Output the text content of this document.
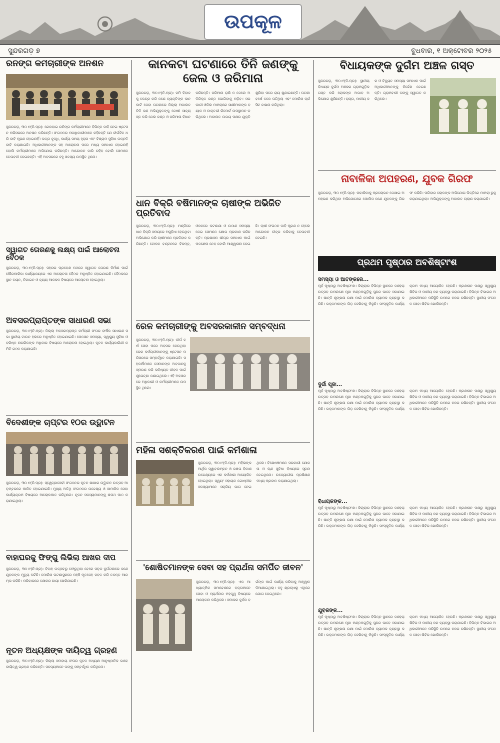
ଉପକୂଳ
ସୁନ୍ଦରଗଡ଼ ୭	ବୁଧବାର, ୧ ଅକ୍ଟୋବର ୨୦୨୫
ରନିଙ୍ଗ କର୍ମଚାରୀଙ୍କ ଅନଶନ
ସୁନ୍ଦରଗଡ଼, ୩୦।୯(ନି.ପ୍ର): ରେଳବାଇ ରନିଙ୍ଗ କର୍ମଚାରୀମାନେ ବିଭିନ୍ନ ଦାବି ନେଇ ଷ୍ଟେସନ ପରିସରରେ ଅନଶନ କରିଛନ୍ତି। ସଂଗଠନର ପଦାଧିକାରୀମାନେ କହିଛନ୍ତି ଯେ ଦୀର୍ଘଦିନ ଧରି ଦାବି ପୂରଣ ହୋଇନାହିଁ। ଭତ୍ତା ବୃଦ୍ଧି, କାର୍ଯ୍ୟ ସମୟ ହ୍ରାସ ଏବଂ ବିଶ୍ରାମ ସୁବିଧା ଉନ୍ନତି ଦାବି କରାଯାଇଛି। ଅଧିକାରୀମାନଙ୍କ ସହ ଆଲୋଚନା ପରେ ମଧ୍ୟ ସମାଧାନ ହୋଇନାହିଁ ବୋଲି କର୍ମଚାରୀମାନେ ଅଭିଯୋଗ କରିଛନ୍ତି। ଆନ୍ଦୋଳନ ଜାରି ରହିବ ବୋଲି ସେମାନେ ଚେତାବନୀ ଦେଇଛନ୍ତି। ଏହି ଅବସରରେ ବହୁ ସଦସ୍ୟ ଉପସ୍ଥିତ ଥିଲେ।
ସ୍ୱାଗତ ତୋରଣକୁ ଲକ୍ଷ୍ୟ ପାଇଁ ଆଲୋଚନା ବୈଠକ
ସୁନ୍ଦରଗଡ଼, ୩୦।୯(ନି.ପ୍ର): ସହରର ପ୍ରବେଶ ପଥରେ ସ୍ୱାଗତ ତୋରଣ ନିର୍ମାଣ ପାଇଁ ପୌରପାଳିକା କାର୍ଯ୍ୟାଳୟରେ ଏକ ଆଲୋଚନା ବୈଠକ ଅନୁଷ୍ଠିତ ହୋଇଯାଇଛି। ବୈଠକରେ ସ୍ଥାନ ଚୟନ, ଡିଜାଇନ ଓ ବ୍ୟୟ ଆକଳନ ବିଷୟରେ ଆଲୋଚନା ହୋଇଥିଲା।
ଅବସରପ୍ରାପ୍ତଙ୍କ ସାଧାରଣ ସଭା
ସୁନ୍ଦରଗଡ଼, ୩୦।୯(ନି.ପ୍ର): ଜିଲ୍ଲା ଅବସରପ୍ରାପ୍ତ କର୍ମଚାରୀ ସଂଘର ବାର୍ଷିକ ସାଧାରଣ ସଭା ସ୍ଥାନୀୟ ଟାଉନ ହଲରେ ଅନୁଷ୍ଠିତ ହୋଇଯାଇଛି। ପେନସନ ସମସ୍ୟା, ସ୍ୱାସ୍ଥ୍ୟ ସୁବିଧା ଓ ବରିଷ୍ଠ ନାଗରିକଙ୍କ ଅଧିକାର ବିଷୟରେ ଆଲୋଚନା ହୋଇଥିଲା। ନୂତନ କାର୍ଯ୍ୟକାରିଣୀ କମିଟି ଗଠନ କରାଯାଇଛି।
ବିଦେଶୀଙ୍କ ଚାପ୍ଟର ୧୦ର ଉଦ୍ଘାଟନ
ସୁନ୍ଦରଗଡ଼, ୩୦।୯(ନି.ପ୍ର): ସ୍ୱେଚ୍ଛାସେବୀ ସଂଗଠନର ନୂତନ ଶାଖାର ଉଦ୍ଘାଟନ ଉତ୍ସବ ଆଡ଼ମ୍ବରରେ ପାଳିତ ହୋଇଯାଇଛି। ମୁଖ୍ୟ ଅତିଥି ସଂଗଠନର ଉଦ୍ଦେଶ୍ୟ ଓ ସାମାଜିକ ସେବା କାର୍ଯ୍ୟକ୍ରମ ବିଷୟରେ ଆଲୋକପାତ କରିଥିଲେ। ନୂତନ ସଦସ୍ୟମାନଙ୍କୁ ଶପଥ ପାଠ କରାଯାଇଥିଲା।
ବାହାଘରକୁ ଫିଙ୍ଗୁ ଲିଭିଲା ଆଖର ଦୀପ
ସୁନ୍ଦରଗଡ଼, ୩୦।୯(ନି.ପ୍ର): ବିବାହ ଉତ୍ସବରୁ ଫେରୁଥିବା ବେଳେ ସଡ଼କ ଦୁର୍ଘଟଣାରେ ଜଣେ ଯୁବକଙ୍କ ମୃତ୍ୟୁ ଘଟିଛି। ପୋଲିସ ଘଟଣାସ୍ଥଳରେ ପହଞ୍ଚି ମୃତଦେହ ଜବତ କରି ତଦନ୍ତ ଆରମ୍ଭ କରିଛି। ପରିବାରରେ ଶୋକର ଛାୟା ଖେଳିଯାଇଛି।
ନୂତନ ଅଧ୍ୟକ୍ଷଙ୍କ ଦାୟିତ୍ୱ ଗ୍ରହଣ
ସୁନ୍ଦରଗଡ଼, ୩୦।୯(ନି.ପ୍ର): ଜିଲ୍ଲା ସମବାୟ ସଂଘର ନୂତନ ଅଧ୍ୟକ୍ଷ ଆନୁଷ୍ଠାନିକ ଭାବେ ଦାୟିତ୍ୱ ଗ୍ରହଣ କରିଛନ୍ତି। ସଦସ୍ୟମାନେ ତାଙ୍କୁ ସମ୍ବର୍ଦ୍ଧିତ କରିଥିଲେ।
କାନକଟା ଘଟଣାରେ ତିନି ଜଣଙ୍କୁ ଜେଲ ଓ ଜରିମାନା
ସୁନ୍ଦରଗଡ଼, ୩୦।୯(ନି.ପ୍ର): ଜମି ବିବାଦକୁ କେନ୍ଦ୍ର କରି ଜଣେ ବ୍ୟକ୍ତିଙ୍କ କାନ କାଟି ଦେବା ଘଟଣାରେ ଜିଲ୍ଲା ଅଦାଲତ ତିନି ଜଣ ଅଭିଯୁକ୍ତଙ୍କୁ ଦୋଷୀ ସାବ୍ୟସ୍ତ କରି ଜେଲ ଦଣ୍ଡ ଓ ଜରିମାନା ବିଧାନ କରିଛନ୍ତି। ଜରିମାନା ରାଶି ନ ଦେଲେ ଅତିରିକ୍ତ ଦଣ୍ଡ ଭୋଗିବାକୁ ପଡ଼ିବ। ସରକାରୀ ଓକିଲ ମାମଲାରେ ସାକ୍ଷୀମାନଙ୍କ ବୟାନ ଓ ଡାକ୍ତରୀ ରିପୋର୍ଟ ଉପସ୍ଥାପନ କରିଥିଲେ। ଅଦାଲତ ଉଭୟ ପକ୍ଷର ଯୁକ୍ତି ଶୁଣିବା ପରେ ରାୟ ଶୁଣାଇଛନ୍ତି। ଘଟଣା ବର୍ଷେ ତଳେ ଘଟିଥିଲା ଏବଂ ପୋଲିସ ଚାର୍ଜସିଟ ଦାଖଲ କରିଥିଲା।
ଧାନ ବିକ୍ରି ବର୍ଷିମାନଙ୍କ ଚାଷୀଙ୍କ ଅଭିଜିତ ପ୍ରତିବାଦ
ସୁନ୍ଦରଗଡ଼, ୩୦।୯(ନି.ପ୍ର): ମଣ୍ଡିରେ ଧାନ ବିକ୍ରି ସମୟରେ ଅସୁବିଧା ହେଉଥିବା ଅଭିଯୋଗ କରି ଚାଷୀମାନେ ପ୍ରତିବାଦ କରିଛନ୍ତି। ଟୋକନ ବଣ୍ଟନରେ ବିଳମ୍ବ, ଓଜନରେ କଟାଛଣା ଓ ଉଠାଣ ସମସ୍ୟା ନେଇ ସେମାନେ କ୍ଷୋଭ ପ୍ରକାଶ କରିଛନ୍ତି। ପ୍ରଶାସନ ଶୀଘ୍ର ସମାଧାନ ପାଇଁ ପଦକ୍ଷେପ ନେବ ବୋଲି ଆଶ୍ୱାସନା ଦେଇଛି। ଚାଷୀ ସଂଗଠନ ଦାବି ପୂରଣ ନ ହେଲେ ଆନ୍ଦୋଳନ ତୀବ୍ର କରିବାକୁ ଚେତାବନୀ ଦେଇଛି।
ରେଳ କର୍ମଚାରୀଙ୍କୁ ଅବସରକାଳୀନ ସମ୍ବର୍ଦ୍ଧନା
ସୁନ୍ଦରଗଡ଼, ୩୦।୯(ନି.ପ୍ର): ଦୀର୍ଘ ବର୍ଷ ସେବା ପରେ ଅବସର ନେଉଥିବା ରେଳ କର୍ମଚାରୀମାନଙ୍କୁ ଷ୍ଟେସନ ପରିସରରେ ସମ୍ବର୍ଦ୍ଧିତ କରାଯାଇଛି। ସହକର୍ମୀମାନେ ସେମାନଙ୍କ ଅବଦାନକୁ ସ୍ମରଣ କରି ଭବିଷ୍ୟତ ଜୀବନ ପାଇଁ ଶୁଭେଚ୍ଛା ଜଣାଇଥିଲେ। ଏହି ଅବସରରେ ଅଧିକାରୀ ଓ କର୍ମଚାରୀମାନେ ଉପସ୍ଥିତ ଥିଲେ।
ମହିଳା ସଶକ୍ତିକରଣ ପାଇଁ କର୍ମଶାଳା
ସୁନ୍ଦରଗଡ଼, ୩୦।୯(ନି.ପ୍ର): ମହିଳାଙ୍କ ଆର୍ଥିକ ସ୍ୱାବଲମ୍ବନ ଓ ଦକ୍ଷତା ବିକାଶ ଉଦ୍ଦେଶ୍ୟରେ ଏକ କର୍ମଶାଳା ଆୟୋଜିତ ହୋଇଥିଲା। ସ୍ୱୟଂ ସହାୟକ ଗୋଷ୍ଠୀର ସଦସ୍ୟାମାନେ ସକ୍ରିୟ ଭାଗ ନେଇଥିଲେ। ବିଶେଷଜ୍ଞମାନେ ସରକାରୀ ଯୋଜନା ଓ ଋଣ ସୁବିଧା ବିଷୟରେ ସୂଚନା ଦେଇଥିଲେ। ଉଦ୍ୟୋଗୀତା ପ୍ରଶିକ୍ଷଣ ମଧ୍ୟ ପ୍ରଦାନ କରାଯାଇଥିଲା।
'ଶୋଷିତମାନଙ୍କ ସେବା ସହ ପ୍ରାର୍ଥନା ସମର୍ପିତ ଜୀବନ'
ସୁନ୍ଦରଗଡ଼, ୩୦।୯(ନି.ପ୍ର): ଏକ ଆଧ୍ୟାତ୍ମିକ ସମାବେଶରେ ବକ୍ତାମାନେ ସେବା ଓ ପ୍ରାର୍ଥନାର ମହତ୍ତ୍ୱ ବିଷୟରେ ଆଲୋଚନା କରିଥିଲେ। ସମାଜର ଦୁର୍ବଳ ବର୍ଗଙ୍କ ପାଇଁ କାର୍ଯ୍ୟ କରିବାକୁ ଆହ୍ୱାନ ଦିଆଯାଇଥିଲା। ବହୁ ଶ୍ରଦ୍ଧାଳୁ ଏଥିରେ ଯୋଗ ଦେଇଥିଲେ।
ବିଧାୟକଙ୍କ ଦୁର୍ଗମ ଅଞ୍ଚଳ ଗସ୍ତ
ସୁନ୍ଦରଗଡ଼, ୩୦।୯(ନି.ପ୍ର): ସ୍ଥାନୀୟ ବିଧାୟକ ଦୁର୍ଗମ ଅଞ୍ଚଳର ଗ୍ରାମଗୁଡ଼ିକ ଗସ୍ତ କରି ଲୋକଙ୍କ ଅଭାବ ଅଭିଯୋଗ ଶୁଣିଛନ୍ତି। ରାସ୍ତା, ପାନୀୟ ଜଳ ଓ ବିଦ୍ୟୁତ ସମସ୍ୟା ସମାଧାନ ପାଇଁ ଅଧିକାରୀମାନଙ୍କୁ ନିର୍ଦ୍ଦେଶ ଦେଇଛନ୍ତି। ଗ୍ରାମବାସୀ ତାଙ୍କୁ ସ୍ୱାଗତ କରିଥିଲେ।
ନାବାଳିକା ଅପହରଣ, ଯୁବକ ଗିରଫ
ସୁନ୍ଦରଗଡ଼, ୩୦।୯(ନି.ପ୍ର): ନାବାଳିକାକୁ ପ୍ରଲୋଭନ ଦେଖାଇ ଅପହରଣ କରିଥିବା ଅଭିଯୋଗରେ ପୋଲିସ ଜଣେ ଯୁବକଙ୍କୁ ଗିରଫ କରିଛି। ପରିବାର ଲୋକଙ୍କ ଅଭିଯୋଗ ଭିତ୍ତିରେ ମାମଲା ରୁଜୁ କରାଯାଇଥିଲା। ଅଭିଯୁକ୍ତଙ୍କୁ ଅଦାଲତ ଚାଲାଣ କରାଯାଇଛି।
ପ୍ରଥମ ପୃଷ୍ଠାର ଅବଶିଷ୍ଟାଂଶ
ସମସ୍ୟା ଓ ଆତଙ୍କରେ...
ପୂର୍ବ ପୃଷ୍ଠାରୁ ଅବଶିଷ୍ଟାଂଶ। ଜିଲ୍ଲାର ବିଭିନ୍ନ ସ୍ଥାନରେ ଦଶହରା ଉତ୍ସବ ଉପଲକ୍ଷେ ପୂଜା ମଣ୍ଡପଗୁଡ଼ିକୁ ସୁନ୍ଦର ଭାବେ ସଜାଯାଇଛି। ଶାନ୍ତି ଶୃଙ୍ଖଳା ରକ୍ଷା ପାଇଁ ପୋଲିସ ବ୍ୟାପକ ବ୍ୟବସ୍ଥା କରିଛି। ଭକ୍ତମାନଙ୍କ ଭିଡ଼ ଦେଖିବାକୁ ମିଳୁଛି। ସାଂସ୍କୃତିକ କାର୍ଯ୍ୟକ୍ରମ ମଧ୍ୟ ଆୟୋଜିତ ହେଉଛି। ପ୍ରଶାସନ ପକ୍ଷରୁ ସ୍ୱାସ୍ଥ୍ୟ ଶିବିର ଓ ପାନୀୟ ଜଳ ବ୍ୟବସ୍ଥା କରାଯାଇଛି। ବିଭିନ୍ନ ବିଭାଗର ଅଧିକାରୀମାନେ ପରିସ୍ଥିତି ଉପରେ ନଜର ରଖିଛନ୍ତି। ସ୍ଥାନୀୟ ସଂଗଠନ ସେବା ଶିବିର ଖୋଲିଛନ୍ତି।
ଦୁର୍ଗା ପୂଜା...
ପୂର୍ବ ପୃଷ୍ଠାରୁ ଅବଶିଷ୍ଟାଂଶ। ଜିଲ୍ଲାର ବିଭିନ୍ନ ସ୍ଥାନରେ ଦଶହରା ଉତ୍ସବ ଉପଲକ୍ଷେ ପୂଜା ମଣ୍ଡପଗୁଡ଼ିକୁ ସୁନ୍ଦର ଭାବେ ସଜାଯାଇଛି। ଶାନ୍ତି ଶୃଙ୍ଖଳା ରକ୍ଷା ପାଇଁ ପୋଲିସ ବ୍ୟାପକ ବ୍ୟବସ୍ଥା କରିଛି। ଭକ୍ତମାନଙ୍କ ଭିଡ଼ ଦେଖିବାକୁ ମିଳୁଛି। ସାଂସ୍କୃତିକ କାର୍ଯ୍ୟକ୍ରମ ମଧ୍ୟ ଆୟୋଜିତ ହେଉଛି। ପ୍ରଶାସନ ପକ୍ଷରୁ ସ୍ୱାସ୍ଥ୍ୟ ଶିବିର ଓ ପାନୀୟ ଜଳ ବ୍ୟବସ୍ଥା କରାଯାଇଛି। ବିଭିନ୍ନ ବିଭାଗର ଅଧିକାରୀମାନେ ପରିସ୍ଥିତି ଉପରେ ନଜର ରଖିଛନ୍ତି। ସ୍ଥାନୀୟ ସଂଗଠନ ସେବା ଶିବିର ଖୋଲିଛନ୍ତି।
ବିଧାୟକଙ୍କ...
ପୂର୍ବ ପୃଷ୍ଠାରୁ ଅବଶିଷ୍ଟାଂଶ। ଜିଲ୍ଲାର ବିଭିନ୍ନ ସ୍ଥାନରେ ଦଶହରା ଉତ୍ସବ ଉପଲକ୍ଷେ ପୂଜା ମଣ୍ଡପଗୁଡ଼ିକୁ ସୁନ୍ଦର ଭାବେ ସଜାଯାଇଛି। ଶାନ୍ତି ଶୃଙ୍ଖଳା ରକ୍ଷା ପାଇଁ ପୋଲିସ ବ୍ୟାପକ ବ୍ୟବସ୍ଥା କରିଛି। ଭକ୍ତମାନଙ୍କ ଭିଡ଼ ଦେଖିବାକୁ ମିଳୁଛି। ସାଂସ୍କୃତିକ କାର୍ଯ୍ୟକ୍ରମ ମଧ୍ୟ ଆୟୋଜିତ ହେଉଛି। ପ୍ରଶାସନ ପକ୍ଷରୁ ସ୍ୱାସ୍ଥ୍ୟ ଶିବିର ଓ ପାନୀୟ ଜଳ ବ୍ୟବସ୍ଥା କରାଯାଇଛି। ବିଭିନ୍ନ ବିଭାଗର ଅଧିକାରୀମାନେ ପରିସ୍ଥିତି ଉପରେ ନଜର ରଖିଛନ୍ତି। ସ୍ଥାନୀୟ ସଂଗଠନ ସେବା ଶିବିର ଖୋଲିଛନ୍ତି।
ଯୁବକଙ୍କ...
ପୂର୍ବ ପୃଷ୍ଠାରୁ ଅବଶିଷ୍ଟାଂଶ। ଜିଲ୍ଲାର ବିଭିନ୍ନ ସ୍ଥାନରେ ଦଶହରା ଉତ୍ସବ ଉପଲକ୍ଷେ ପୂଜା ମଣ୍ଡପଗୁଡ଼ିକୁ ସୁନ୍ଦର ଭାବେ ସଜାଯାଇଛି। ଶାନ୍ତି ଶୃଙ୍ଖଳା ରକ୍ଷା ପାଇଁ ପୋଲିସ ବ୍ୟାପକ ବ୍ୟବସ୍ଥା କରିଛି। ଭକ୍ତମାନଙ୍କ ଭିଡ଼ ଦେଖିବାକୁ ମିଳୁଛି। ସାଂସ୍କୃତିକ କାର୍ଯ୍ୟକ୍ରମ ମଧ୍ୟ ଆୟୋଜିତ ହେଉଛି। ପ୍ରଶାସନ ପକ୍ଷରୁ ସ୍ୱାସ୍ଥ୍ୟ ଶିବିର ଓ ପାନୀୟ ଜଳ ବ୍ୟବସ୍ଥା କରାଯାଇଛି। ବିଭିନ୍ନ ବିଭାଗର ଅଧିକାରୀମାନେ ପରିସ୍ଥିତି ଉପରେ ନଜର ରଖିଛନ୍ତି। ସ୍ଥାନୀୟ ସଂଗଠନ ସେବା ଶିବିର ଖୋଲିଛନ୍ତି।
